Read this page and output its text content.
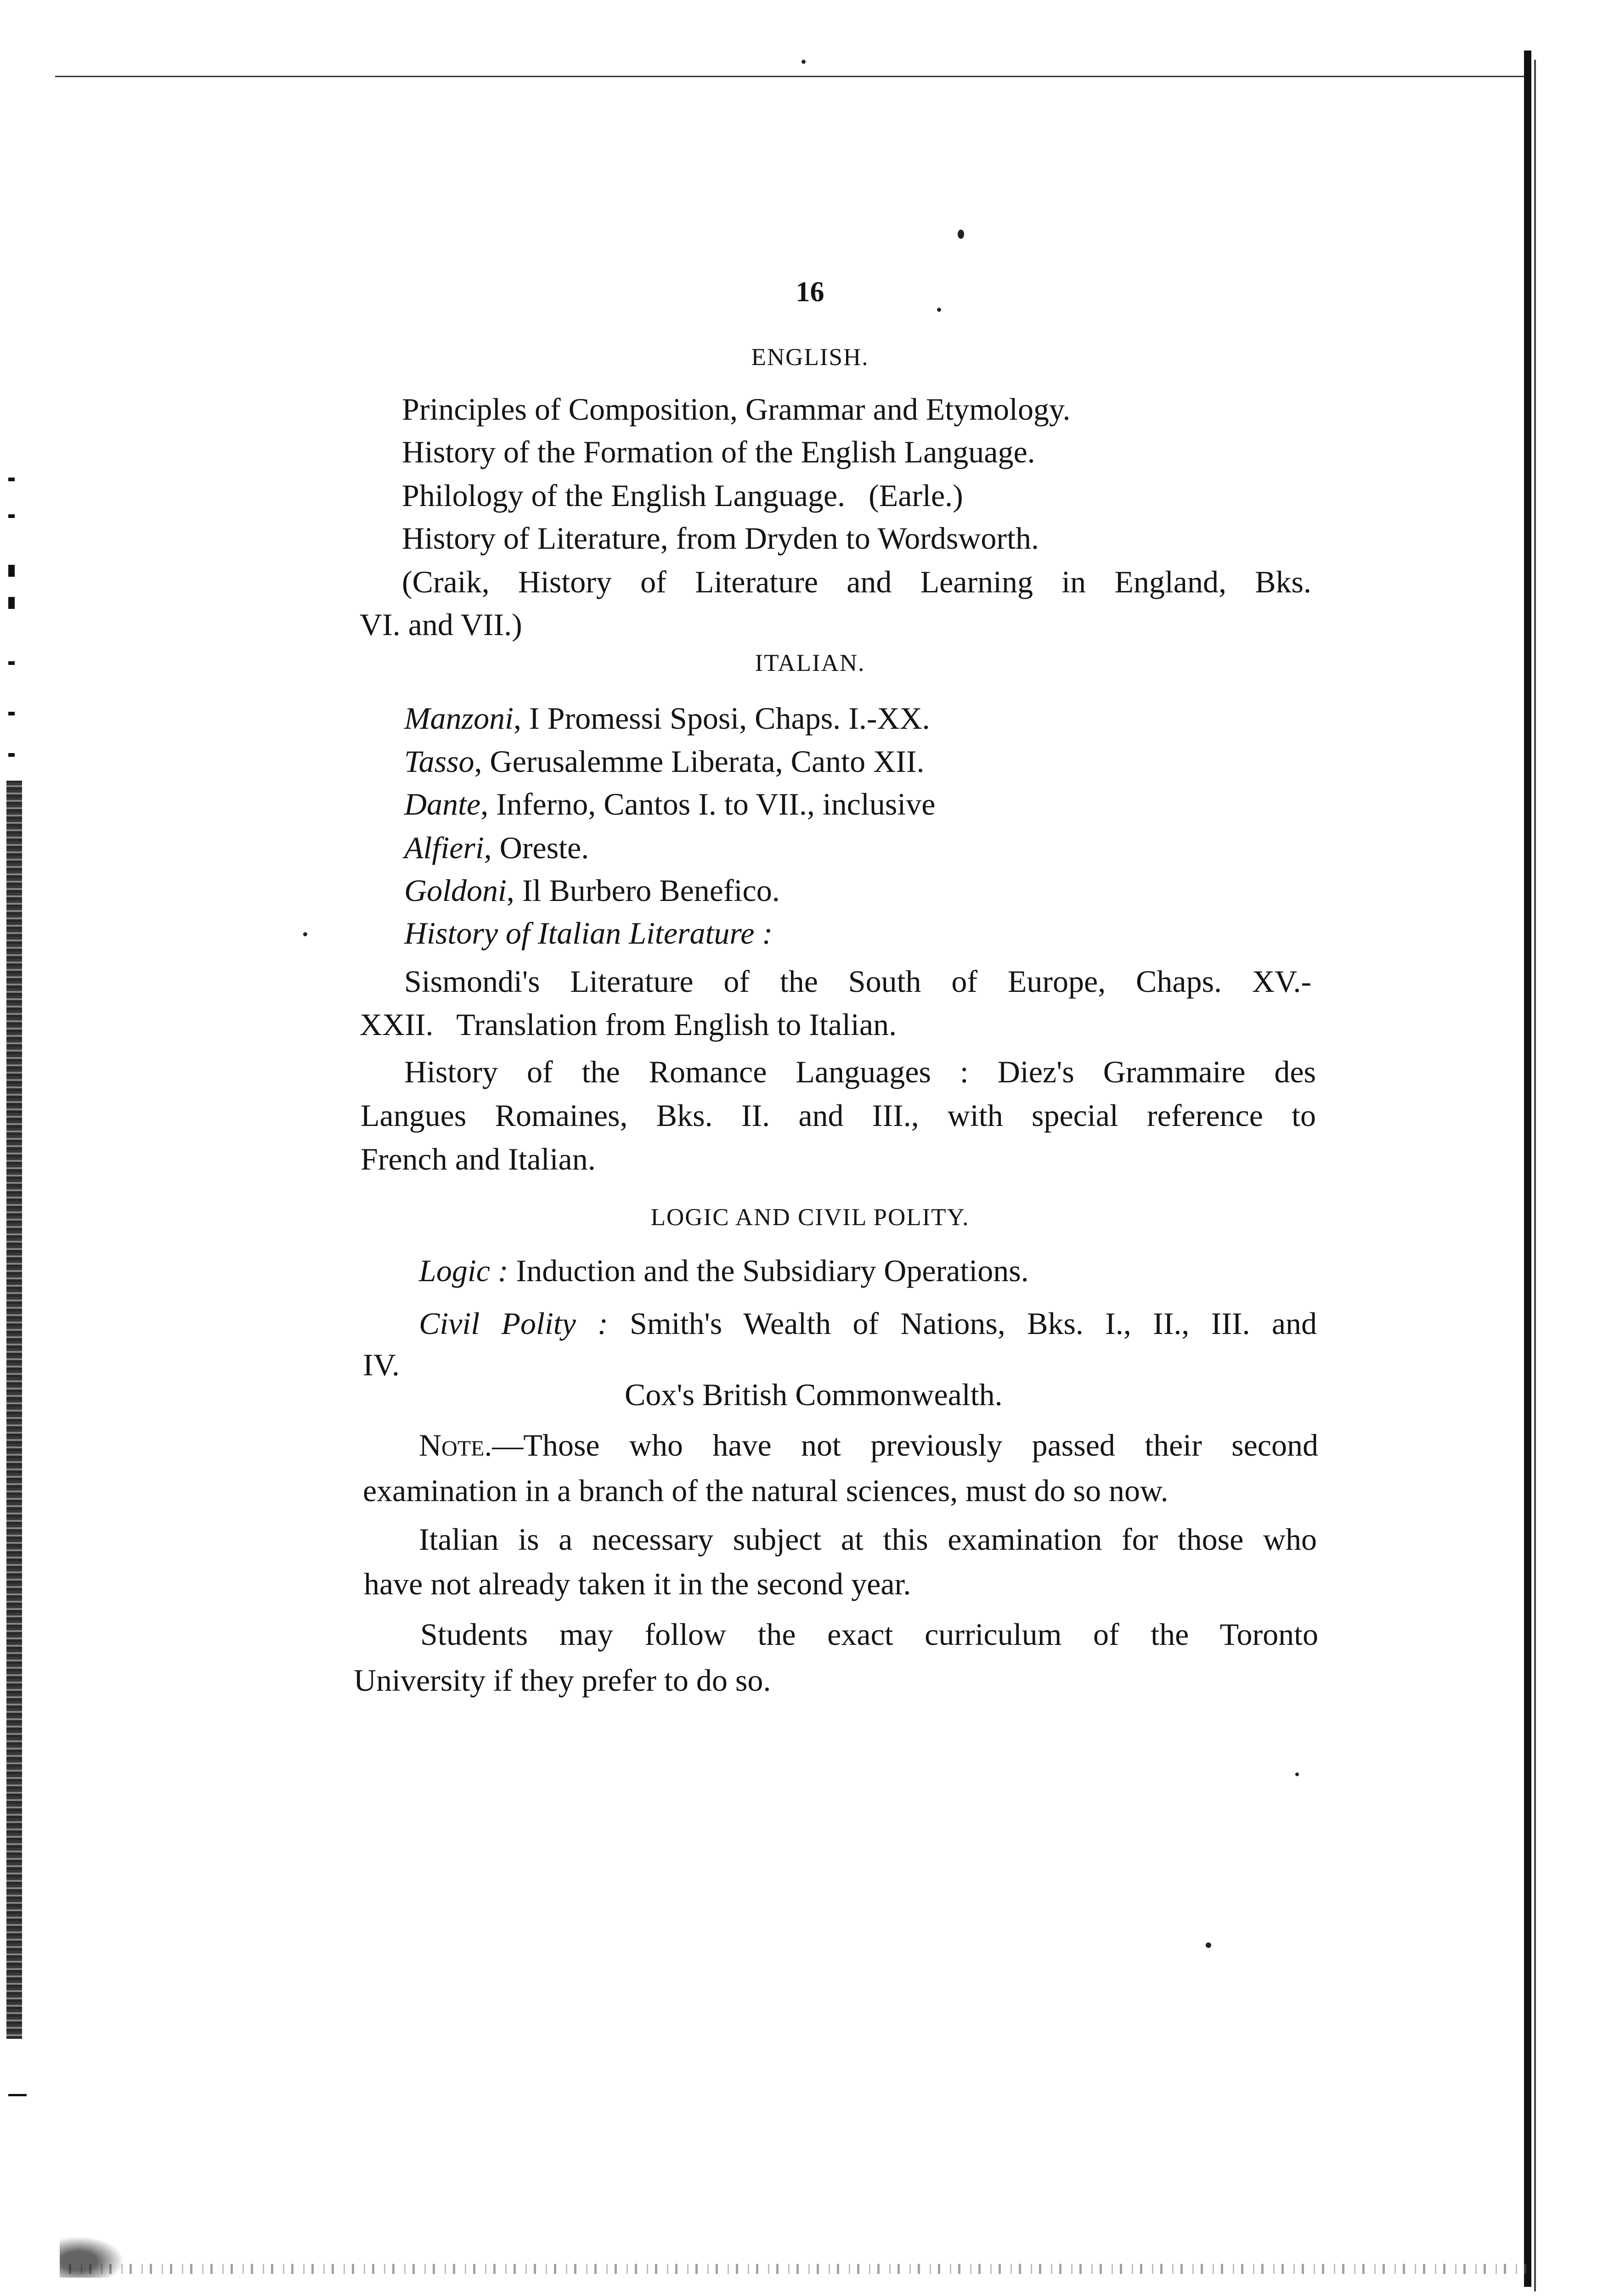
16
ENGLISH.
Principles of Composition, Grammar and Etymology.
History of the Formation of the English Language.
Philology of the English Language.   (Earle.)
History of Literature, from Dryden to Wordsworth.
(Craik, History of Literature and Learning in England, Bks.
VI. and VII.)
ITALIAN.
Manzoni, I Promessi Sposi, Chaps. I.-XX.
Tasso, Gerusalemme Liberata, Canto XII.
Dante, Inferno, Cantos I. to VII., inclusive
Alfieri, Oreste.
Goldoni, Il Burbero Benefico.
History of Italian Literature :
Sismondi's Literature of the South of Europe, Chaps. XV.-
XXII.   Translation from English to Italian.
History of the Romance Languages : Diez's Grammaire des
Langues Romaines, Bks. II. and III., with special reference to
French and Italian.
LOGIC AND CIVIL POLITY.
Logic : Induction and the Subsidiary Operations.
Civil Polity : Smith's Wealth of Nations, Bks. I., II., III. and
IV.
Cox's British Commonwealth.
Note.—Those who have not previously passed their second
examination in a branch of the natural sciences, must do so now.
Italian is a necessary subject at this examination for those who
have not already taken it in the second year.
Students may follow the exact curriculum of the Toronto
University if they prefer to do so.
